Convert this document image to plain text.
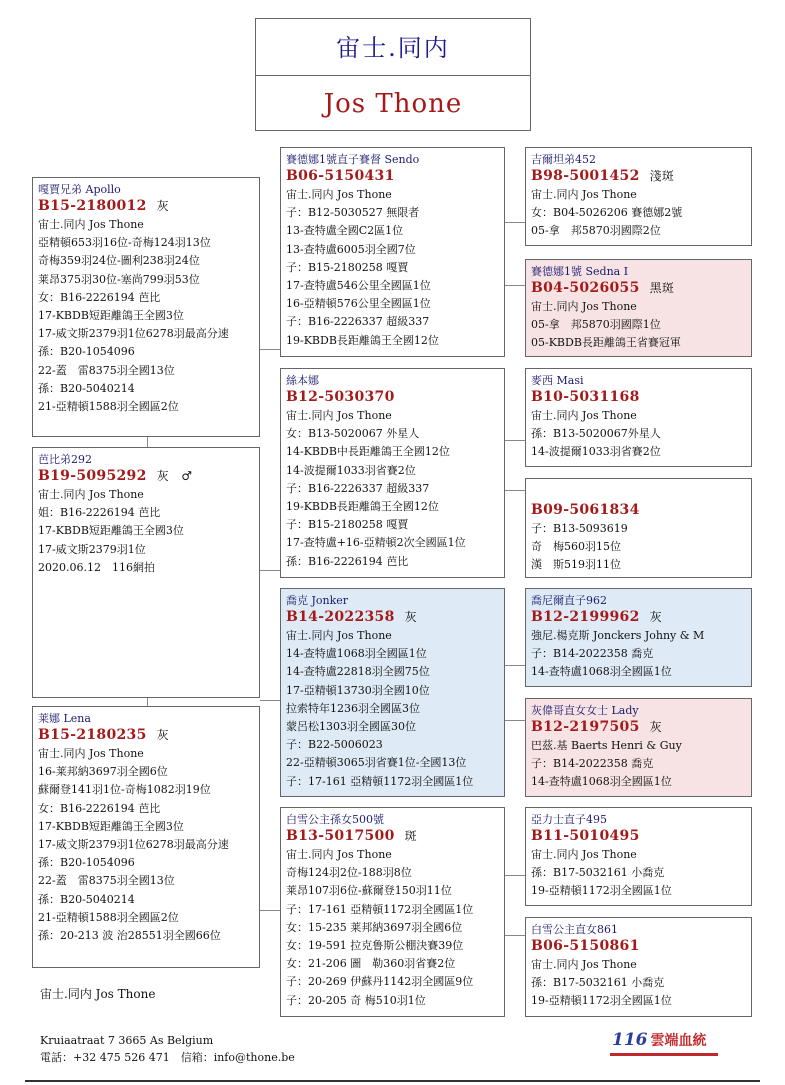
宙士.同内
Jos Thone
嘎賈兄弟 Apollo
B15-2180012 灰
宙士.同内 Jos Thone
亞精頓653羽16位-奇梅124羽13位
奇梅359羽24位-圖利238羽24位
莱昂375羽30位-塞尚799羽53位
女：B16-2226194 芭比
17-KBDB短距離鴿王全國3位
17-威文斯2379羽1位6278羽最高分速
孫：B20-1054096
22-蓋　雷8375羽全國13位
孫：B20-5040214
21-亞精頓1588羽全國區2位
芭比弟292
B19-5095292 灰　♂
宙士.同内 Jos Thone
姐：B16-2226194 芭比
17-KBDB短距離鴿王全國3位
17-威文斯2379羽1位
2020.06.12　116網拍
莱娜 Lena
B15-2180235 灰
宙士.同内 Jos Thone
16-莱邦納3697羽全國6位
蘇爾登141羽1位-奇梅1082羽19位
女：B16-2226194 芭比
17-KBDB短距離鴿王全國3位
17-威文斯2379羽1位6278羽最高分速
孫：B20-1054096
22-蓋　雷8375羽全國13位
孫：B20-5040214
21-亞精頓1588羽全國區2位
孫：20-213 波 治28551羽全國66位
賽德娜1號直子賽督 Sendo
B06-5150431
宙士.同内 Jos Thone
子：B12-5030527 無限者
13-查特盧全國C2區1位
13-查特盧6005羽全國7位
子：B15-2180258 嘎賈
17-查特盧546公里全國區1位
16-亞精頓576公里全國區1位
子：B16-2226337 超級337
19-KBDB長距離鴿王全國12位
絲本娜
B12-5030370
宙士.同内 Jos Thone
女：B13-5020067 外星人
14-KBDB中長距離鴿王全國12位
14-波提爾1033羽省賽2位
子：B16-2226337 超級337
19-KBDB長距離鴿王全國12位
子：B15-2180258 嘎賈
17-查特盧+16-亞精頓2次全國區1位
孫：B16-2226194 芭比
喬克 Jonker
B14-2022358 灰
宙士.同内 Jos Thone
14-查特盧1068羽全國區1位
14-查特盧22818羽全國75位
17-亞精頓13730羽全國10位
拉索特年1236羽全國區3位
蒙呂松1303羽全國區30位
子：B22-5006023
22-亞精頓3065羽省賽1位-全國13位
子：17-161 亞精頓1172羽全國區1位
白雪公主孫女500號
B13-5017500 斑
宙士.同内 Jos Thone
奇梅124羽2位-188羽8位
莱昂107羽6位-蘇爾登150羽11位
子：17-161 亞精頓1172羽全國區1位
女：15-235 莱邦納3697羽全國6位
女：19-591 拉克鲁斯公棚決賽39位
女：21-206 圖　勒360羽省賽2位
子：20-269 伊蘇丹1142羽全國區9位
子：20-205 奇 梅510羽1位
吉爾坦弟452
B98-5001452 淺斑
宙士.同内 Jos Thone
女：B04-5026206 賽德娜2號
05-拿　邦5870羽國際2位
賽德娜1號 Sedna I
B04-5026055 黑斑
宙士.同内 Jos Thone
05-拿　邦5870羽國際1位
05-KBDB長距離鴿王省賽冠軍
麥西 Masi
B10-5031168
宙士.同内 Jos Thone
孫：B13-5020067外星人
14-波提爾1033羽省賽2位
B09-5061834
子：B13-5093619
奇　梅560羽15位
漢　斯519羽11位
喬尼爾直子962
B12-2199962 灰
強尼.楊克斯 Jonckers Johny & M
子：B14-2022358 喬克
14-查特盧1068羽全國區1位
灰偉哥直女女士 Lady
B12-2197505 灰
巴茲.基 Baerts Henri & Guy
子：B14-2022358 喬克
14-查特盧1068羽全國區1位
亞力士直子495
B11-5010495
宙士.同内 Jos Thone
孫：B17-5032161 小喬克
19-亞精頓1172羽全國區1位
白雪公主直女861
B06-5150861
宙士.同内 Jos Thone
孫：B17-5032161 小喬克
19-亞精頓1172羽全國區1位
宙士.同内 Jos Thone
Kruiaatraat 7 3665 As Belgium
電話：+32 475 526 471　信箱：info@thone.be
116 雲端血統
